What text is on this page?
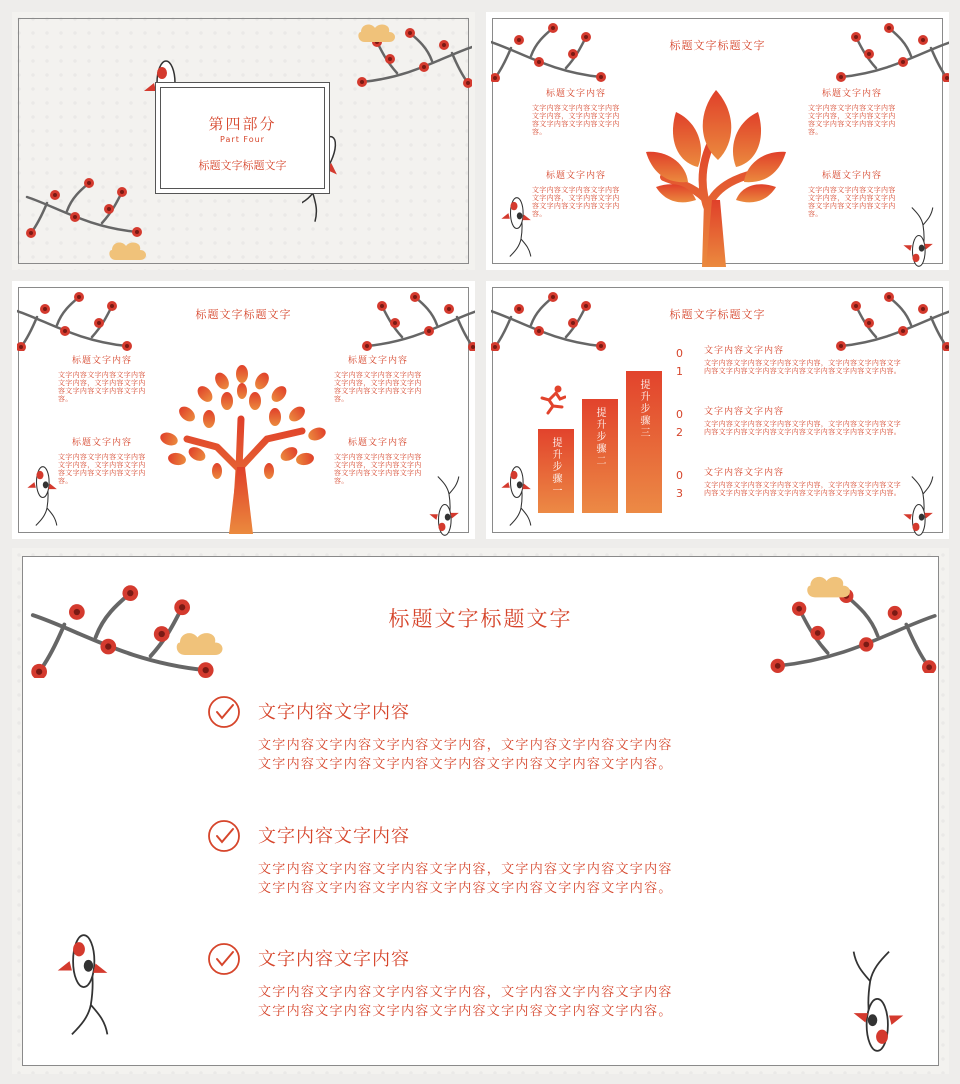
第四部分
Part Four
标题文字标题文字
标题文字标题文字
标题文字内容
文字内容文字内容文字内容文字内容，文字内容文字内容文字内容文字内容文字内容。
标题文字内容
文字内容文字内容文字内容文字内容，文字内容文字内容文字内容文字内容文字内容。
标题文字内容
文字内容文字内容文字内容文字内容，文字内容文字内容文字内容文字内容文字内容。
标题文字内容
文字内容文字内容文字内容文字内容，文字内容文字内容文字内容文字内容文字内容。
标题文字标题文字
标题文字内容
文字内容文字内容文字内容文字内容，文字内容文字内容文字内容文字内容文字内容。
标题文字内容
文字内容文字内容文字内容文字内容，文字内容文字内容文字内容文字内容文字内容。
标题文字内容
文字内容文字内容文字内容文字内容，文字内容文字内容文字内容文字内容文字内容。
标题文字内容
文字内容文字内容文字内容文字内容，文字内容文字内容文字内容文字内容文字内容。
标题文字标题文字
提升步骤一	提升步骤二	提升步骤三
0 1
文字内容文字内容
文字内容文字内容文字内容文字内容，文字内容文字内容文字内容文字内容文字内容文字内容文字内容文字内容文字内容。
0 2
文字内容文字内容
文字内容文字内容文字内容文字内容，文字内容文字内容文字内容文字内容文字内容文字内容文字内容文字内容文字内容。
0 3
文字内容文字内容
文字内容文字内容文字内容文字内容，文字内容文字内容文字内容文字内容文字内容文字内容文字内容文字内容文字内容。
标题文字标题文字
文字内容文字内容
文字内容文字内容文字内容文字内容，文字内容文字内容文字内容
文字内容文字内容文字内容文字内容文字内容文字内容文字内容。
文字内容文字内容
文字内容文字内容文字内容文字内容，文字内容文字内容文字内容
文字内容文字内容文字内容文字内容文字内容文字内容文字内容。
文字内容文字内容
文字内容文字内容文字内容文字内容，文字内容文字内容文字内容
文字内容文字内容文字内容文字内容文字内容文字内容文字内容。
